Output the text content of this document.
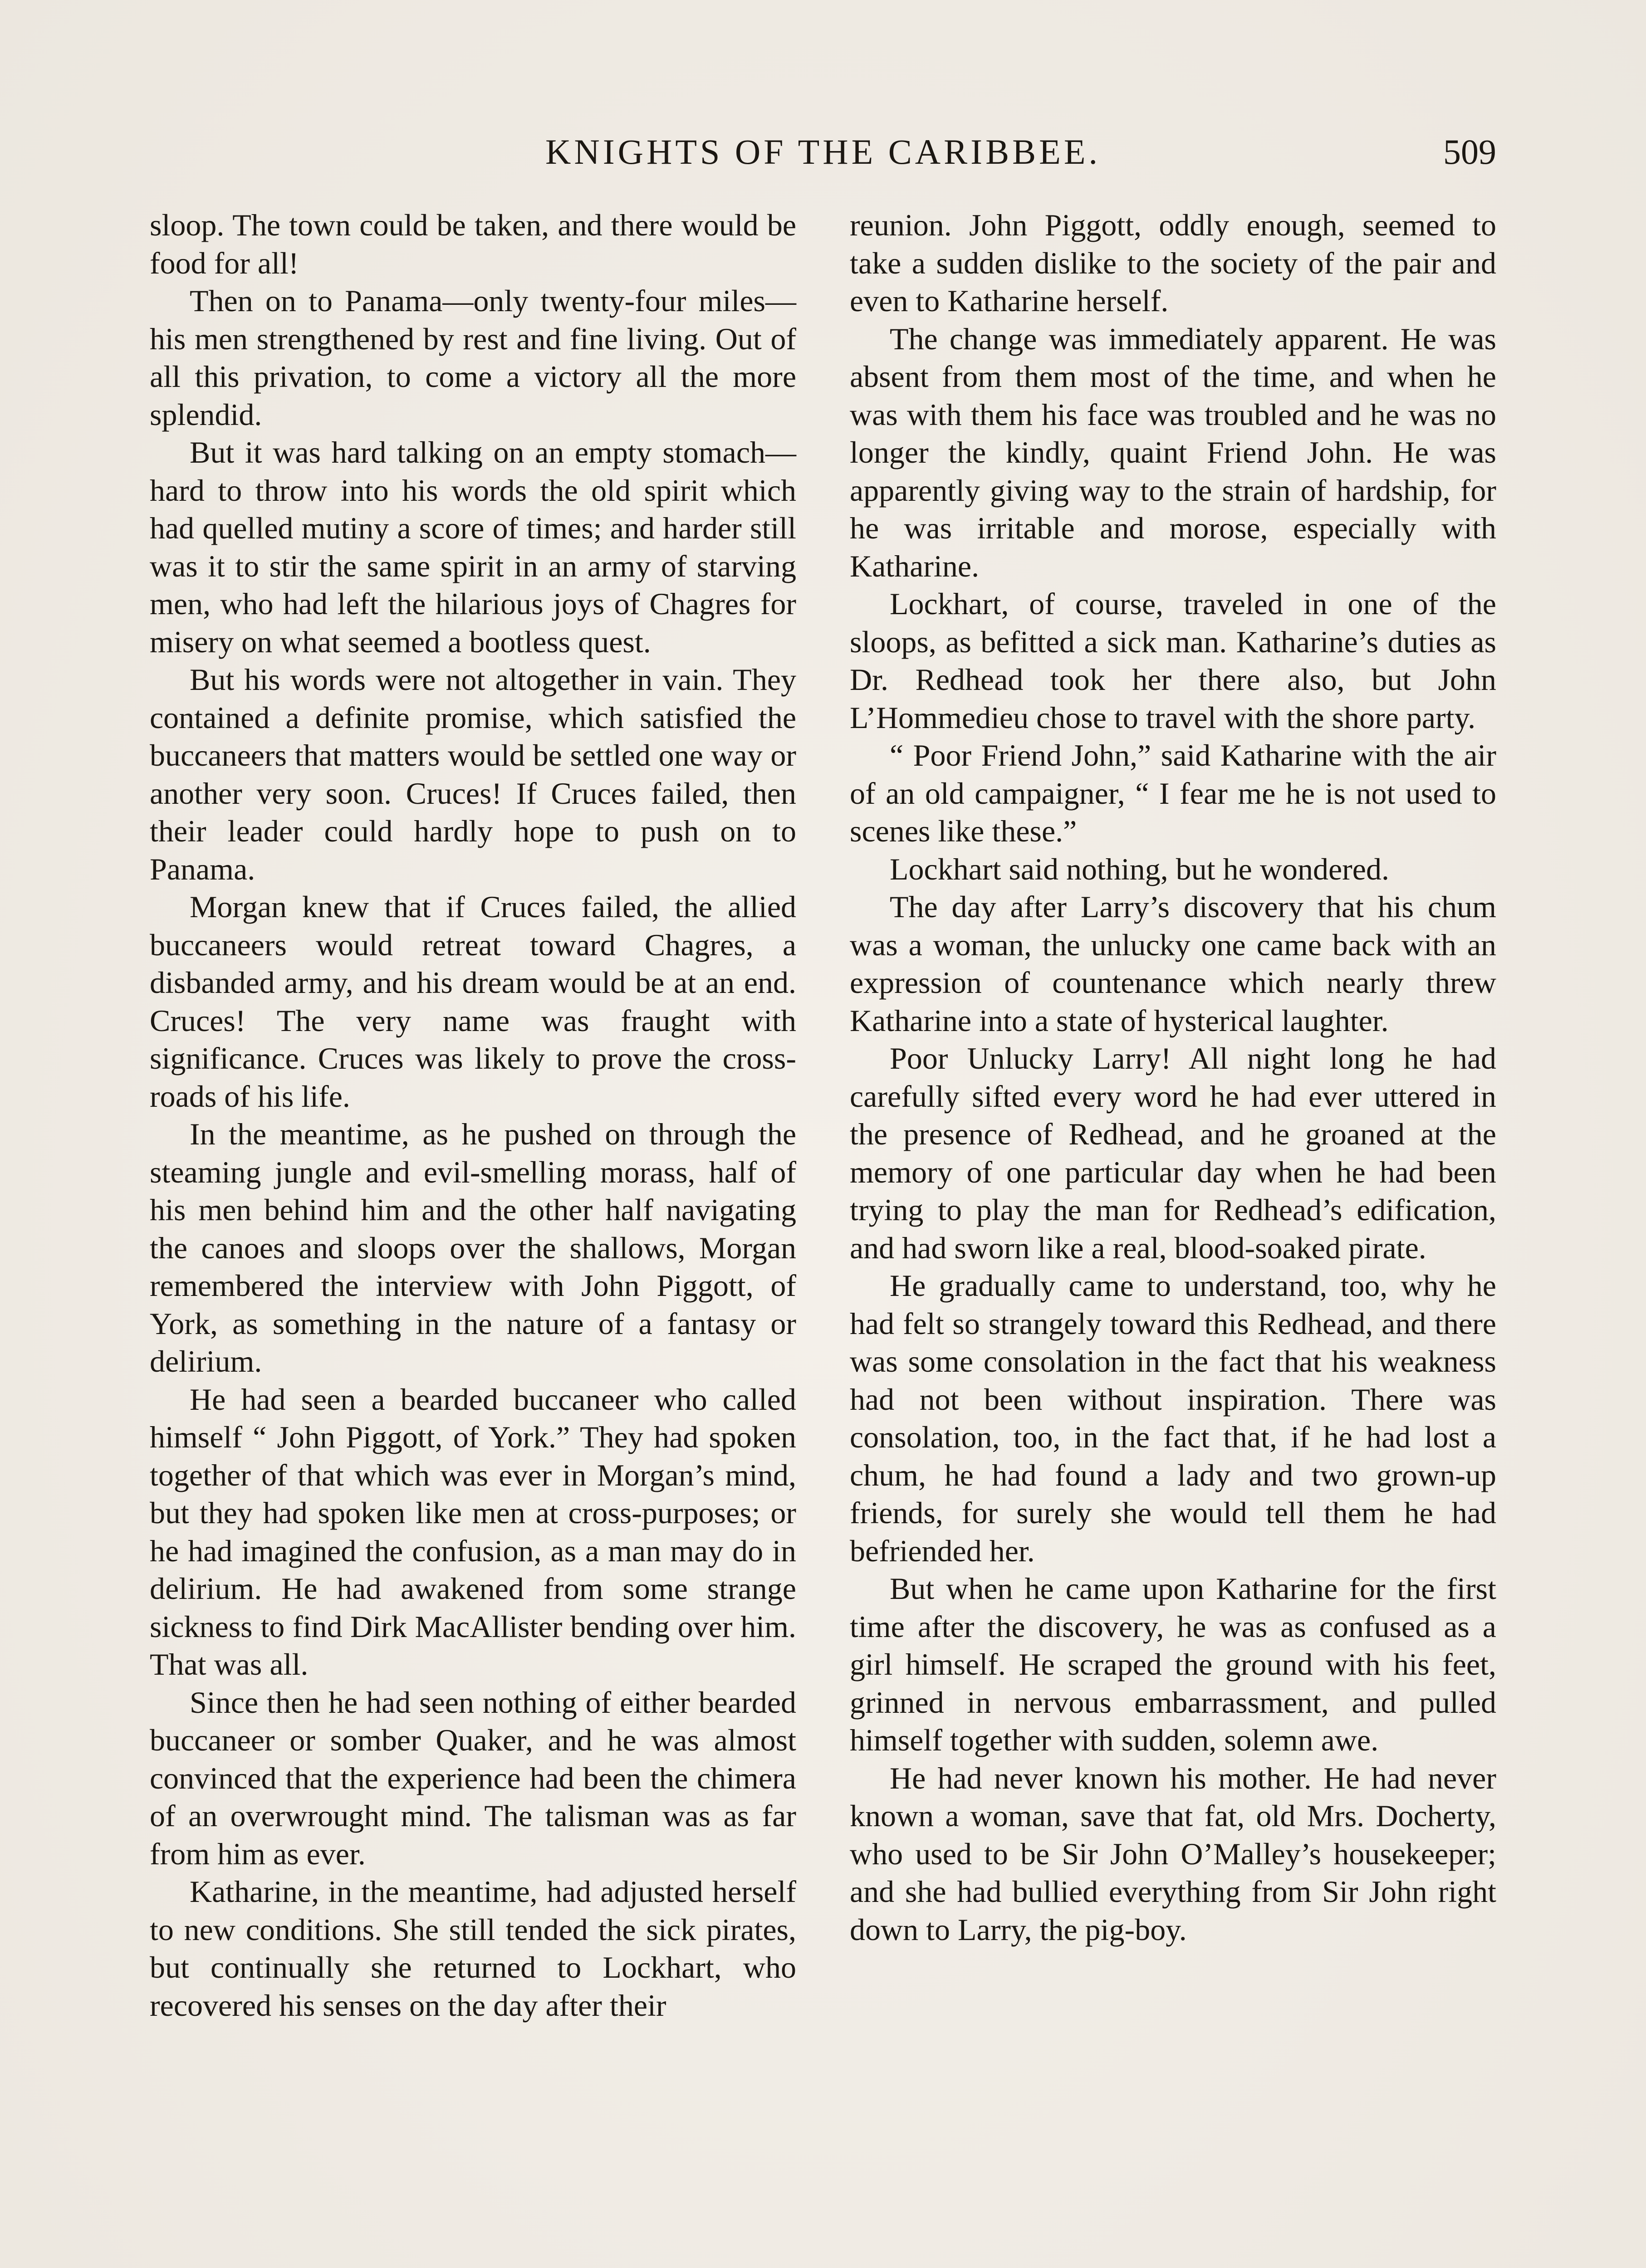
KNIGHTS OF THE CARIBBEE.	509

sloop. The town could be taken, and there would be food for all!

Then on to Panama—only twenty-four miles—his men strengthened by rest and fine living. Out of all this privation, to come a victory all the more splendid.

But it was hard talking on an empty stomach—hard to throw into his words the old spirit which had quelled mutiny a score of times; and harder still was it to stir the same spirit in an army of starving men, who had left the hilarious joys of Chagres for misery on what seemed a bootless quest.

But his words were not altogether in vain. They contained a definite promise, which satisfied the buccaneers that matters would be settled one way or another very soon. Cruces! If Cruces failed, then their leader could hardly hope to push on to Panama.

Morgan knew that if Cruces failed, the allied buccaneers would retreat toward Chagres, a disbanded army, and his dream would be at an end. Cruces! The very name was fraught with significance. Cruces was likely to prove the cross-roads of his life.

In the meantime, as he pushed on through the steaming jungle and evil-smelling morass, half of his men behind him and the other half navigating the canoes and sloops over the shallows, Morgan remembered the interview with John Piggott, of York, as something in the nature of a fantasy or delirium.

He had seen a bearded buccaneer who called himself “ John Piggott, of York.” They had spoken together of that which was ever in Morgan’s mind, but they had spoken like men at cross-purposes; or he had imagined the confusion, as a man may do in delirium. He had awakened from some strange sickness to find Dirk MacAllister bending over him. That was all.

Since then he had seen nothing of either bearded buccaneer or somber Quaker, and he was almost convinced that the experience had been the chimera of an overwrought mind. The talisman was as far from him as ever.

Katharine, in the meantime, had adjusted herself to new conditions. She still tended the sick pirates, but continually she returned to Lockhart, who recovered his senses on the day after their

reunion. John Piggott, oddly enough, seemed to take a sudden dislike to the society of the pair and even to Katharine herself.

The change was immediately apparent. He was absent from them most of the time, and when he was with them his face was troubled and he was no longer the kindly, quaint Friend John. He was apparently giving way to the strain of hardship, for he was irritable and morose, especially with Katharine.

Lockhart, of course, traveled in one of the sloops, as befitted a sick man. Katharine’s duties as Dr. Redhead took her there also, but John L’Hommedieu chose to travel with the shore party.

“ Poor Friend John,” said Katharine with the air of an old campaigner, “ I fear me he is not used to scenes like these.”

Lockhart said nothing, but he wondered.

The day after Larry’s discovery that his chum was a woman, the unlucky one came back with an expression of countenance which nearly threw Katharine into a state of hysterical laughter.

Poor Unlucky Larry! All night long he had carefully sifted every word he had ever uttered in the presence of Redhead, and he groaned at the memory of one particular day when he had been trying to play the man for Redhead’s edification, and had sworn like a real, blood-soaked pirate.

He gradually came to understand, too, why he had felt so strangely toward this Redhead, and there was some consolation in the fact that his weakness had not been without inspiration. There was consolation, too, in the fact that, if he had lost a chum, he had found a lady and two grown-up friends, for surely she would tell them he had befriended her.

But when he came upon Katharine for the first time after the discovery, he was as confused as a girl himself. He scraped the ground with his feet, grinned in nervous embarrassment, and pulled himself together with sudden, solemn awe.

He had never known his mother. He had never known a woman, save that fat, old Mrs. Docherty, who used to be Sir John O’Malley’s housekeeper; and she had bullied everything from Sir John right down to Larry, the pig-boy.
